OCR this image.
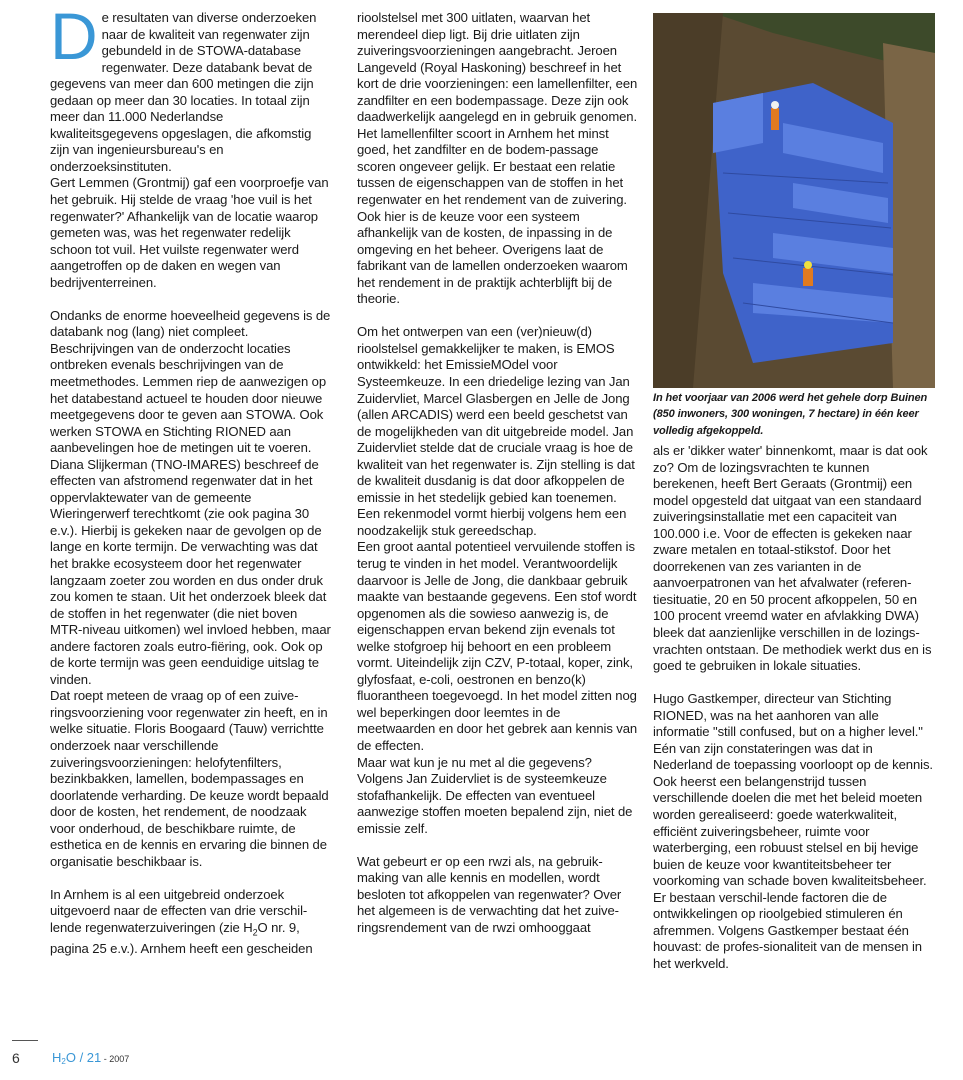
De resultaten van diverse onderzoeken naar de kwaliteit van regenwater zijn gebundeld in de STOWA-database regenwater. Deze databank bevat de gegevens van meer dan 600 metingen die zijn gedaan op meer dan 30 locaties. In totaal zijn meer dan 11.000 Nederlandse kwaliteitsgegevens opgeslagen, die afkomstig zijn van ingenieursbureau's en onderzoeksinstituten.

Gert Lemmen (Grontmij) gaf een voorproefje van het gebruik. Hij stelde de vraag 'hoe vuil is het regenwater?' Afhankelijk van de locatie waarop gemeten was, was het regenwater redelijk schoon tot vuil. Het vuilste regenwater werd aangetroffen op de daken en wegen van bedrijventerreinen.

Ondanks de enorme hoeveelheid gegevens is de databank nog (lang) niet compleet. Beschrijvingen van de onderzocht locaties ontbreken evenals beschrijvingen van de meetmethodes. Lemmen riep de aanwezigen op het databestand actueel te houden door nieuwe meetgegevens door te geven aan STOWA. Ook werken STOWA en Stichting RIONED aan aanbevelingen hoe de metingen uit te voeren.

Diana Slijkerman (TNO-IMARES) beschreef de effecten van afstromend regenwater dat in het oppervlaktewater van de gemeente Wieringerwerf terechtkomt (zie ook pagina 30 e.v.). Hierbij is gekeken naar de gevolgen op de lange en korte termijn. De verwachting was dat het brakke ecosysteem door het regenwater langzaam zoeter zou worden en dus onder druk zou komen te staan. Uit het onderzoek bleek dat de stoffen in het regenwater (die niet boven MTR-niveau uitkomen) wel invloed hebben, maar andere factoren zoals eutro-fiëring, ook. Ook op de korte termijn was geen eenduidige uitslag te vinden.

Dat roept meteen de vraag op of een zuive-ringsvoorziening voor regenwater zin heeft, en in welke situatie. Floris Boogaard (Tauw) verrichtte onderzoek naar verschillende zuiveringsvoorzieningen: helofytenfilters, bezinkbakken, lamellen, bodempassages en doorlatende verharding. De keuze wordt bepaald door de kosten, het rendement, de noodzaak voor onderhoud, de beschikbare ruimte, de esthetica en de kennis en ervaring die binnen de organisatie beschikbaar is.

In Arnhem is al een uitgebreid onderzoek uitgevoerd naar de effecten van drie verschil-lende regenwaterzuiveringen (zie $H_2O$ nr. 9, pagina 25 e.v.). Arnhem heeft een gescheiden

rioolstelsel met 300 uitlaten, waarvan het merendeel diep ligt. Bij drie uitlaten zijn zuiveringsvoorzieningen aangebracht. Jeroen Langeveld (Royal Haskoning) beschreef in het kort de drie voorzieningen: een lamellenfilter, een zandfilter en een bodempassage. Deze zijn ook daadwerkelijk aangelegd en in gebruik genomen. Het lamellenfilter scoort in Arnhem het minst goed, het zandfilter en de bodem-passage scoren ongeveer gelijk. Er bestaat een relatie tussen de eigenschappen van de stoffen in het regenwater en het rendement van de zuivering. Ook hier is de keuze voor een systeem afhankelijk van de kosten, de inpassing in de omgeving en het beheer. Overigens laat de fabrikant van de lamellen onderzoeken waarom het rendement in de praktijk achterblijft bij de theorie.

Om het ontwerpen van een (ver)nieuw(d) rioolstelsel gemakkelijker te maken, is EMOS ontwikkeld: het EmissieMOdel voor Systeemkeuze. In een driedelige lezing van Jan Zuidervliet, Marcel Glasbergen en Jelle de Jong (allen ARCADIS) werd een beeld geschetst van de mogelijkheden van dit uitgebreide model. Jan Zuidervliet stelde dat de cruciale vraag is hoe de kwaliteit van het regenwater is. Zijn stelling is dat de kwaliteit dusdanig is dat door afkoppelen de emissie in het stedelijk gebied kan toenemen. Een rekenmodel vormt hierbij volgens hem een noodzakelijk stuk gereedschap.

Een groot aantal potentieel vervuilende stoffen is terug te vinden in het model. Verantwoordelijk daarvoor is Jelle de Jong, die dankbaar gebruik maakte van bestaande gegevens. Een stof wordt opgenomen als die sowieso aanwezig is, de eigenschappen ervan bekend zijn evenals tot welke stofgroep hij behoort en een probleem vormt. Uiteindelijk zijn CZV, P-totaal, koper, zink, glyfosfaat, e-coli, oestronen en benzo(k) fluorantheen toegevoegd. In het model zitten nog wel beperkingen door leemtes in de meetwaarden en door het gebrek aan kennis van de effecten.

Maar wat kun je nu met al die gegevens? Volgens Jan Zuidervliet is de systeemkeuze stofafhankelijk. De effecten van eventueel aanwezige stoffen moeten bepalend zijn, niet de emissie zelf.

Wat gebeurt er op een rwzi als, na gebruik-making van alle kennis en modellen, wordt besloten tot afkoppelen van regenwater? Over het algemeen is de verwachting dat het zuive-ringsrendement van de rwzi omhooggaat

In het voorjaar van 2006 werd het gehele dorp Buinen (850 inwoners, 300 woningen, 7 hectare) in één keer volledig afgekoppeld.

als er 'dikker water' binnenkomt, maar is dat ook zo? Om de lozingsvrachten te kunnen berekenen, heeft Bert Geraats (Grontmij) een model opgesteld dat uitgaat van een standaard zuiveringsinstallatie met een capaciteit van 100.000 i.e. Voor de effecten is gekeken naar zware metalen en totaal-stikstof. Door het doorrekenen van zes varianten in de aanvoerpatronen van het afvalwater (referen-tiesituatie, 20 en 50 procent afkoppelen, 50 en 100 procent vreemd water en afvlakking DWA) bleek dat aanzienlijke verschillen in de lozings-vrachten ontstaan. De methodiek werkt dus en is goed te gebruiken in lokale situaties.

Hugo Gastkemper, directeur van Stichting RIONED, was na het aanhoren van alle informatie "still confused, but on a higher level." Eén van zijn constateringen was dat in Nederland de toepassing voorloopt op de kennis. Ook heerst een belangenstrijd tussen verschillende doelen die met het beleid moeten worden gerealiseerd: goede waterkwaliteit, efficiënt zuiveringsbeheer, ruimte voor waterberging, een robuust stelsel en bij hevige buien de keuze voor kwantiteitsbeheer ter voorkoming van schade boven kwaliteitsbeheer. Er bestaan verschil-lende factoren die de ontwikkelingen op rioolgebied stimuleren én afremmen. Volgens Gastkemper bestaat één houvast: de profes-sionaliteit van de mensen in het werkveld.

6 $H_2O / 21 - 2007$
